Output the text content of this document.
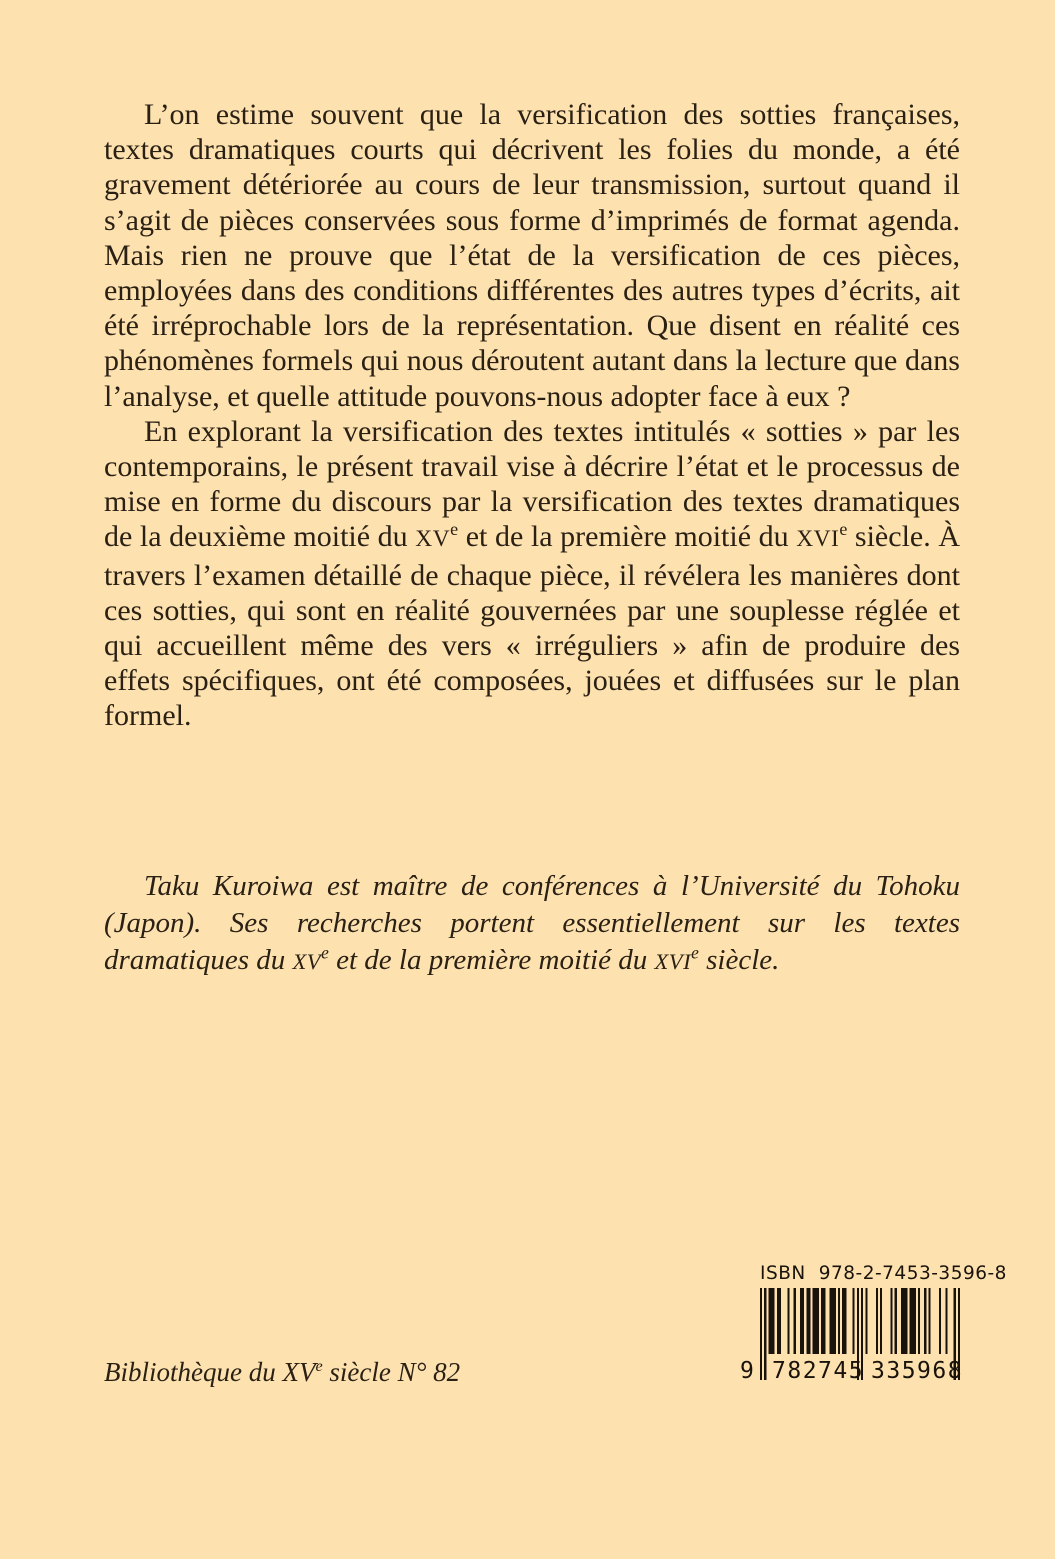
L’on estime souvent que la versification des sotties françaises, textes dramatiques courts qui décrivent les folies du monde, a été gravement détériorée au cours de leur transmission, surtout quand il s’agit de pièces conservées sous forme d’imprimés de format agenda. Mais rien ne prouve que l’état de la versification de ces pièces, employées dans des conditions différentes des autres types d’écrits, ait été irréprochable lors de la représentation. Que disent en réalité ces phénomènes formels qui nous déroutent autant dans la lecture que dans l’analyse, et quelle attitude pouvons-nous adopter face à eux ?

En explorant la versification des textes intitulés « sotties » par les contemporains, le présent travail vise à décrire l’état et le processus de mise en forme du discours par la versification des textes dramatiques de la deuxième moitié du XVe et de la première moitié du XVIe siècle. À travers l’examen détaillé de chaque pièce, il révélera les manières dont ces sotties, qui sont en réalité gouvernées par une souplesse réglée et qui accueillent même des vers « irréguliers » afin de produire des effets spécifiques, ont été composées, jouées et diffusées sur le plan formel.

Taku Kuroiwa est maître de conférences à l’Université du Tohoku (Japon). Ses recherches portent essentiellement sur les textes dramatiques du XVe et de la première moitié du XVIe siècle.

Bibliothèque du XVe siècle N° 82
ISBN 978-2-7453-3596-8
9 782745 335968
